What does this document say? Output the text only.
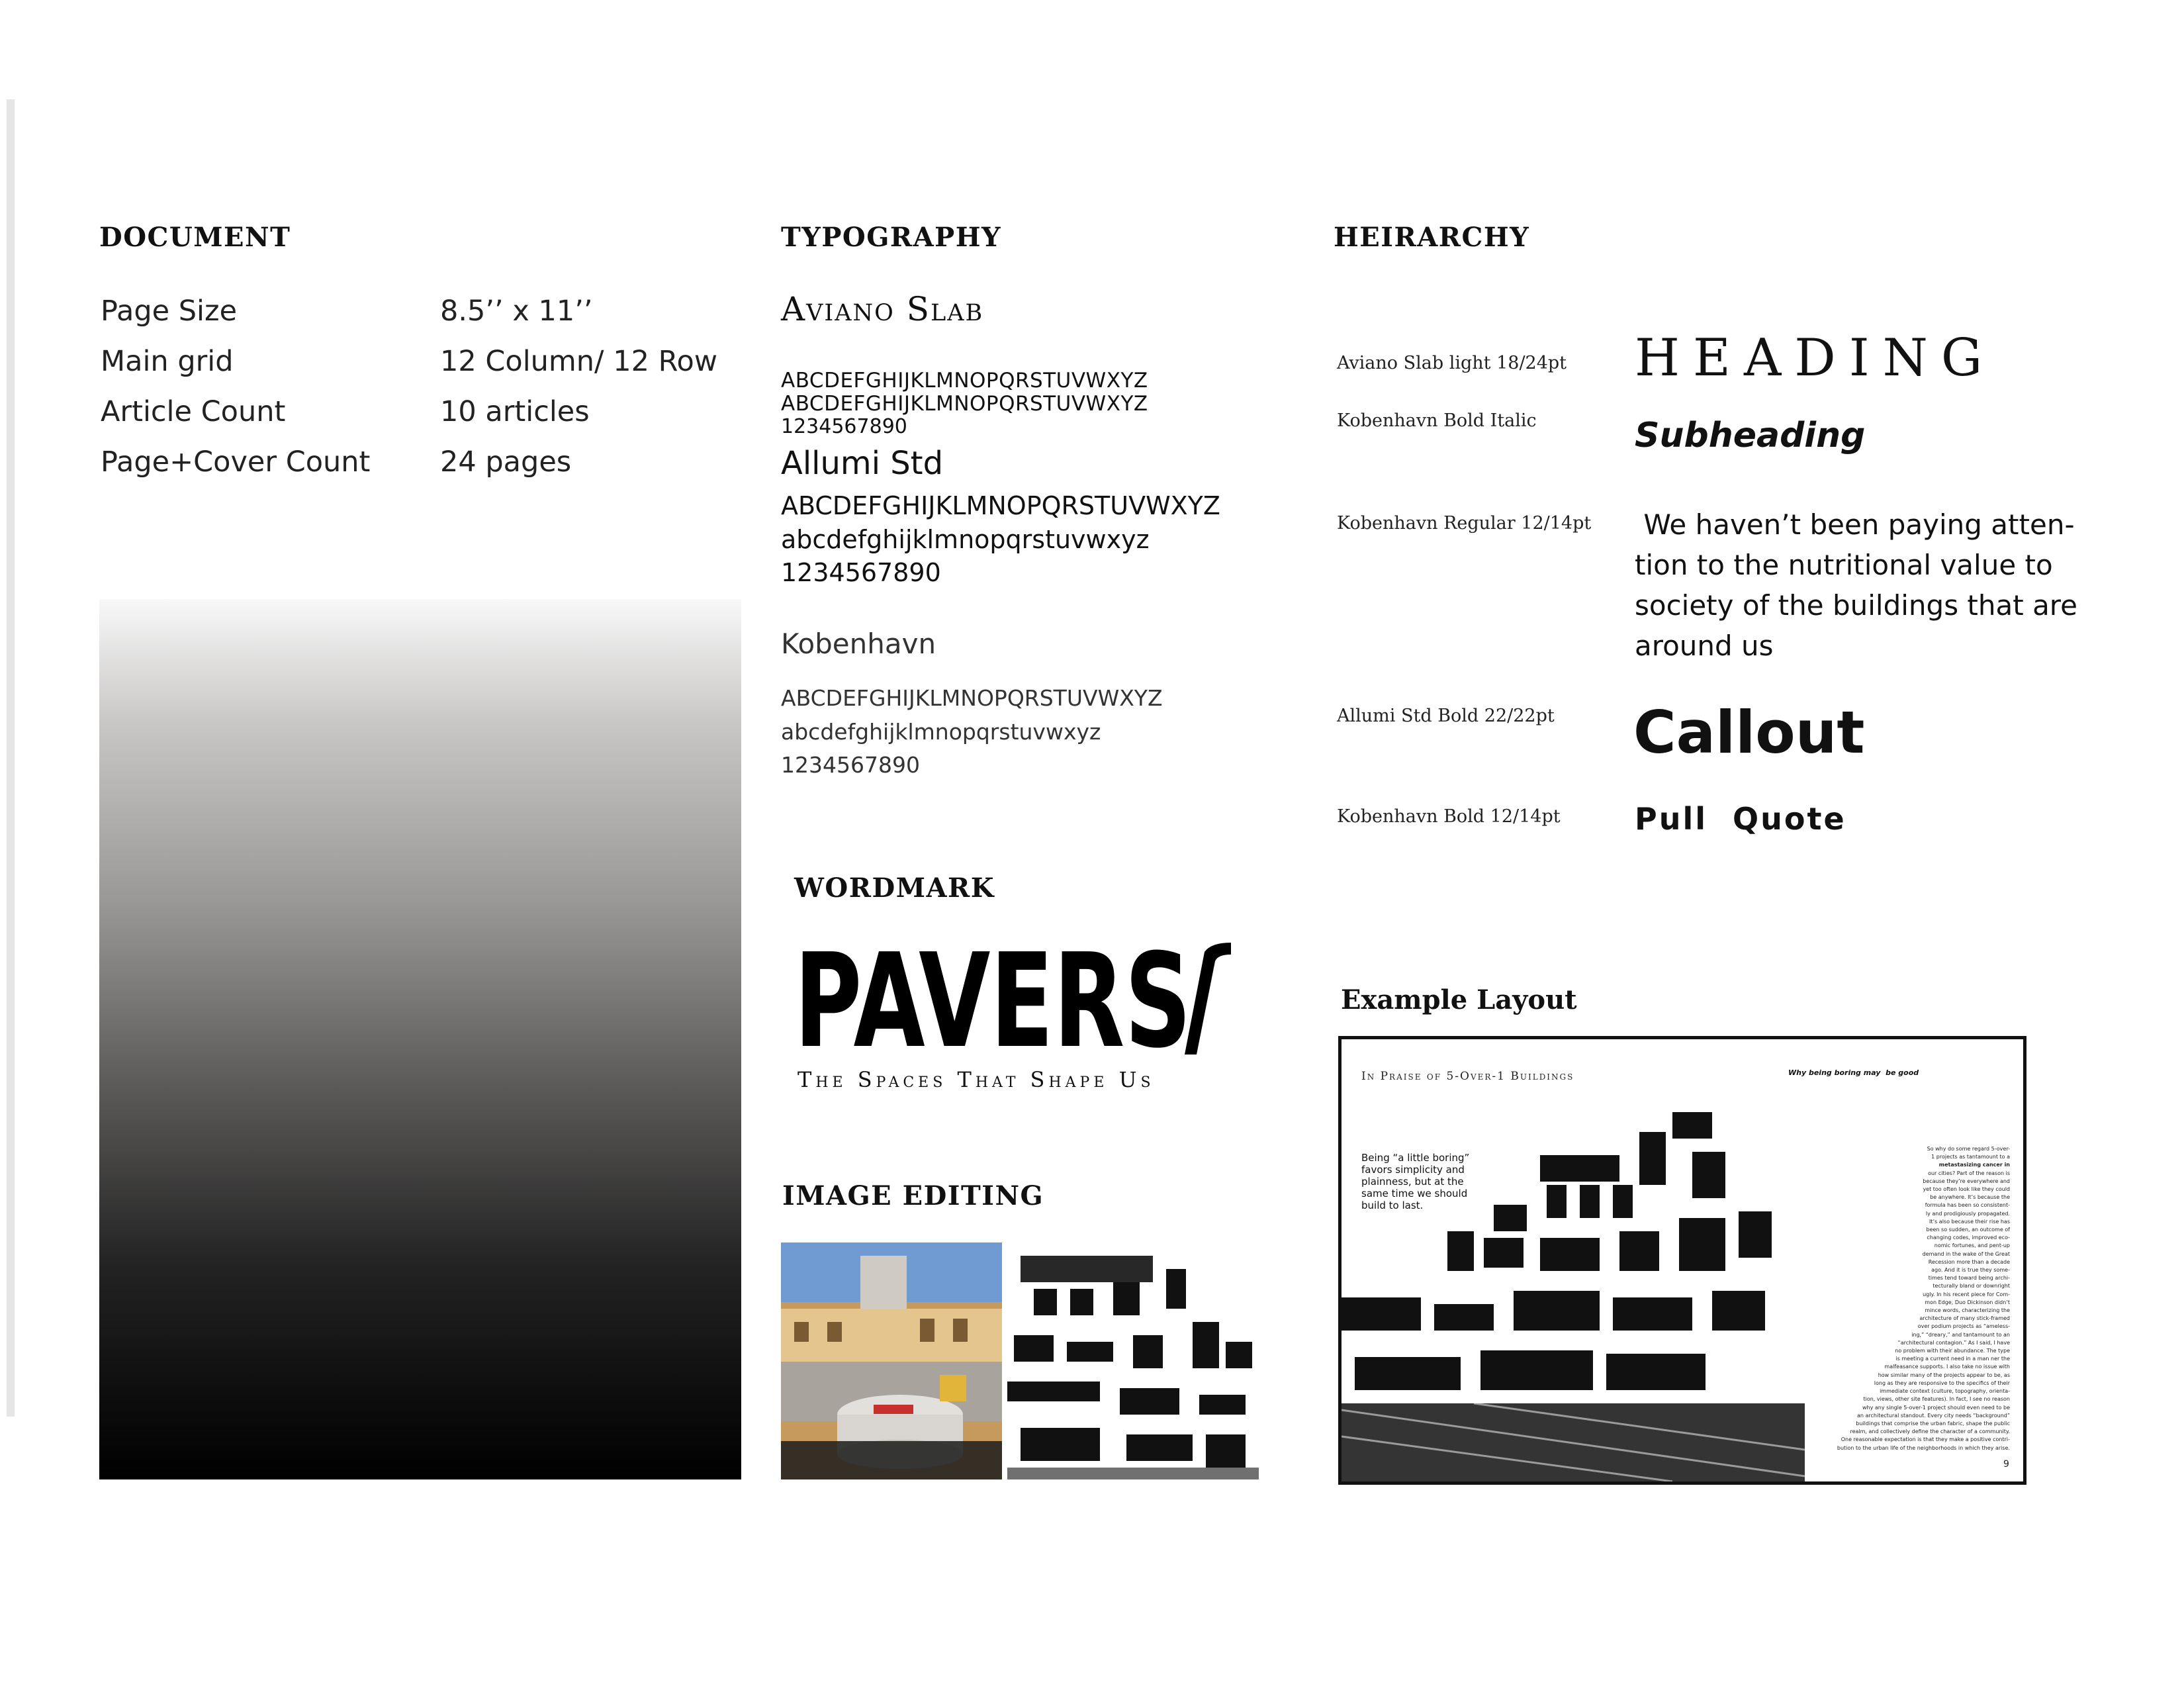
DOCUMENT
Page Size	8.5’’ x 11’’
Main grid	12 Column/ 12 Row
Article Count	10 articles
Page+Cover Count 24 pages
TYPOGRAPHY
Aviano Slab
ABCDEFGHIJKLMNOPQRSTUVWXYZ
ABCDEFGHIJKLMNOPQRSTUVWXYZ
1234567890
Allumi Std
ABCDEFGHIJKLMNOPQRSTUVWXYZ
abcdefghijklmnopqrstuvwxyz
1234567890
Kobenhavn
ABCDEFGHIJKLMNOPQRSTUVWXYZ
abcdefghijklmnopqrstuvwxyz
1234567890
WORDMARK
PAVERS
The Spaces That Shape Us
IMAGE EDITING
HEIRARCHY
Aviano Slab light 18/24pt HEADING
Kobenhavn Bold Italic	Subheading
Kobenhavn Regular 12/14pt We haven’t been paying atten-
tion to the nutritional value to
society of the buildings that are
around us
Allumi Std Bold 22/22pt Callout
Kobenhavn Bold 12/14pt Pull  Quote
Example Layout
In Praise of 5-Over-1 Buildings	Why being boring may  be good
Being “a little boring”
favors simplicity and
plainness, but at the
same time we should
build to last.
So why do some regard 5-over-
1 projects as tantamount to a
metastasizing cancer in
our cities? Part of the reason is
because they’re everywhere and
yet too often look like they could
be anywhere. It’s because the
formula has been so consistent-
ly and prodigiously propagated.
It’s also because their rise has
been so sudden, an outcome of
changing codes, improved eco-
nomic fortunes, and pent-up
demand in the wake of the Great
Recession more than a decade
ago. And it is true they some-
times tend toward being archi-
tecturally bland or downright
ugly. In his recent piece for Com-
mon Edge, Duo Dickinson didn’t
mince words, characterizing the
architecture of many stick-framed
over podium projects as “ameless-
ing,” “dreary,” and tantamount to an
“architectural contagion.” As I said, I have
no problem with their abundance. The type
is meeting a current need in a man ner the
malfeasance supports. I also take no issue with
how similar many of the projects appear to be, as
long as they are responsive to the specifics of their
immediate context (culture, topography, orienta-
tion, views, other site features). In fact, I see no reason
why any single 5-over-1 project should even need to be
an architectural standout. Every city needs “background”
buildings that comprise the urban fabric, shape the public
realm, and collectively define the character of a community.
One reasonable expectation is that they make a positive contri-
bution to the urban life of the neighborhoods in which they arise.
9
